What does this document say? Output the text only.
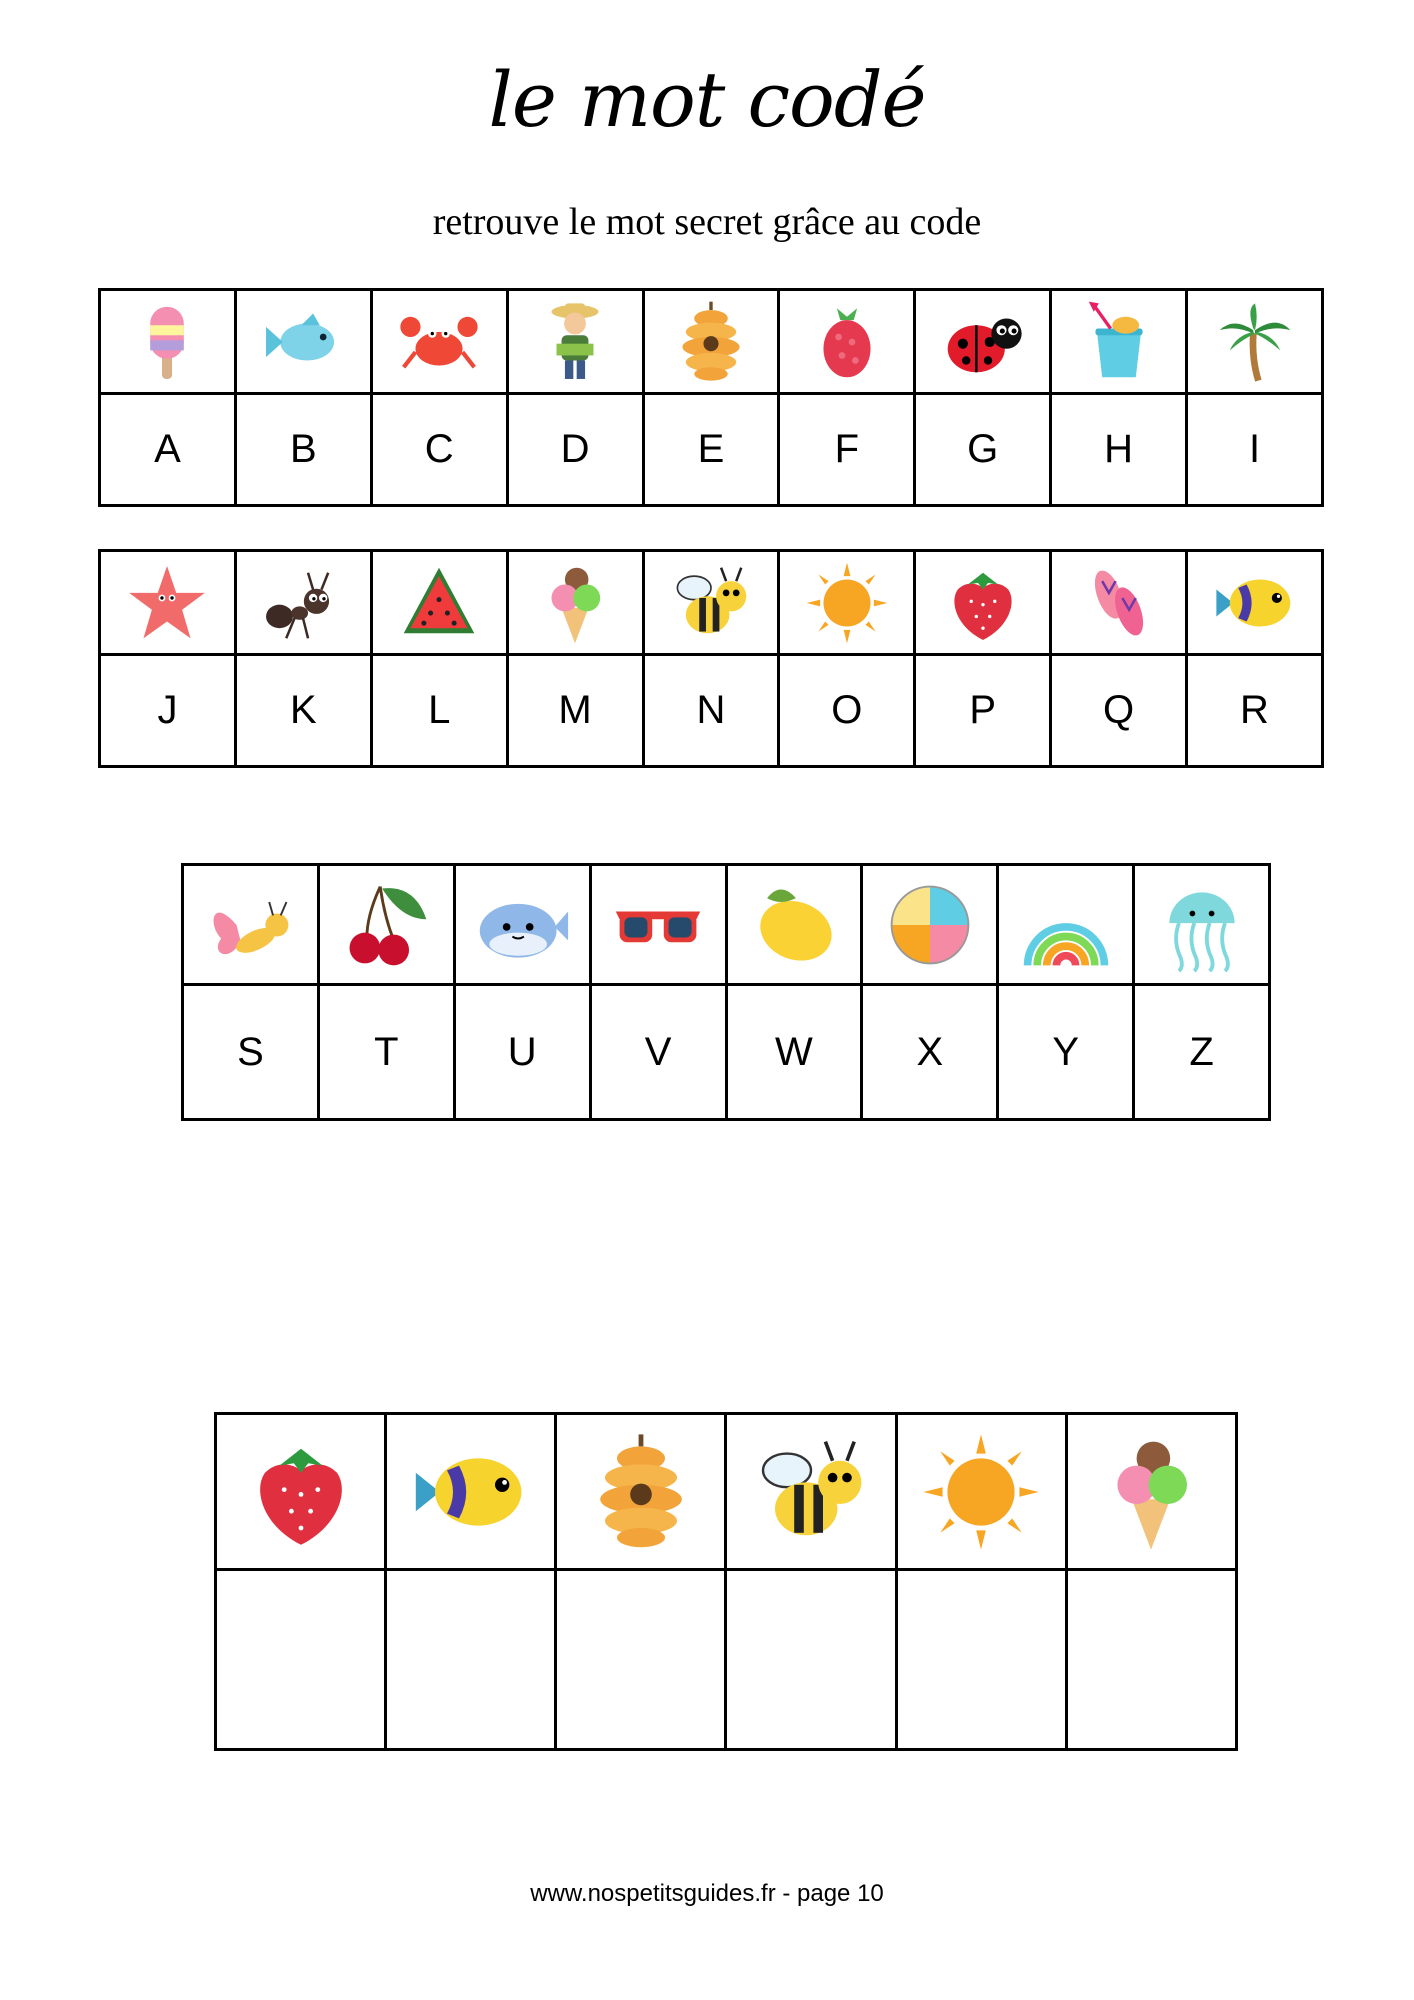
le mot codé
retrouve le mot secret grâce au code

A	B	C	D	E	F	G	H	I

J	K	L	M	N	O	P	Q	R

S	T	U	V	W	X	Y	Z

www.nospetitsguides.fr - page 10
